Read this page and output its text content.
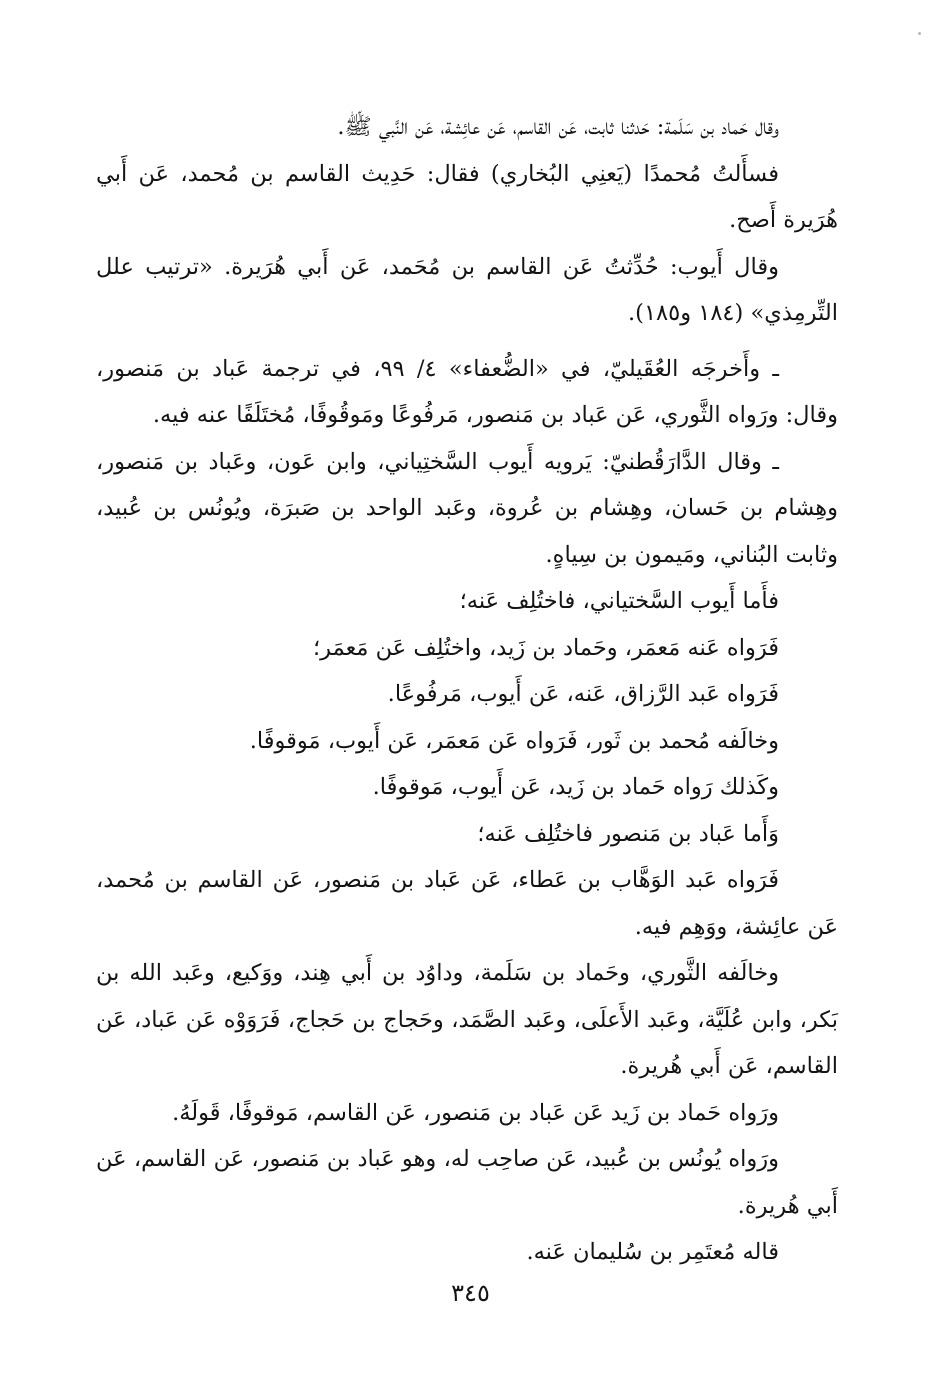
وقال حَماد بن سَلَمة: حَدثنا ثابت، عَن القاسم، عَن عائِشة، عَن النَّبي ﷺ.

فسأَلتُ مُحمدًا (يَعنِي البُخاري) فقال: حَدِيث القاسم بن مُحمد، عَن أَبي هُرَيرة أَصح.

وقال أَيوب: حُدِّثتُ عَن القاسم بن مُحَمد، عَن أَبي هُرَيرة. «ترتيب علل التِّرمِذي» (١٨٤ و١٨٥).

ـ وأَخرجَه العُقَيليّ، في «الضُّعفاء» ٤/ ٩٩، في ترجمة عَباد بن مَنصور، وقال: ورَواه الثَّوري، عَن عَباد بن مَنصور، مَرفُوعًا ومَوقُوفًا، مُختَلَفًا عنه فيه.

ـ وقال الدَّارَقُطنيّ: يَرويه أَيوب السَّختِياني، وابن عَون، وعَباد بن مَنصور، وهِشام بن حَسان، وهِشام بن عُروة، وعَبد الواحد بن صَبرَة، ويُونُس بن عُبيد، وثابت البُناني، ومَيمون بن سِياهٍ.

فأَما أَيوب السَّختياني، فاختُلِف عَنه؛

فَرَواه عَنه مَعمَر، وحَماد بن زَيد، واختُلِف عَن مَعمَر؛

فَرَواه عَبد الرَّزاق، عَنه، عَن أَيوب، مَرفُوعًا.

وخالَفه مُحمد بن ثَور، فَرَواه عَن مَعمَر، عَن أَيوب، مَوقوفًا.

وكَذلك رَواه حَماد بن زَيد، عَن أَيوب، مَوقوفًا.

وَأَما عَباد بن مَنصور فاختُلِف عَنه؛

فَرَواه عَبد الوَهَّاب بن عَطاء، عَن عَباد بن مَنصور، عَن القاسم بن مُحمد، عَن عائِشة، ووَهِم فيه.

وخالَفه الثَّوري، وحَماد بن سَلَمة، وداوُد بن أَبي هِند، ووَكيع، وعَبد الله بن بَكر، وابن عُلَيَّة، وعَبد الأَعلَى، وعَبد الصَّمَد، وحَجاج بن حَجاج، فَرَوَوْه عَن عَباد، عَن القاسم، عَن أَبي هُريرة.

ورَواه حَماد بن زَيد عَن عَباد بن مَنصور، عَن القاسم، مَوقوفًا، قَولَهُ.

ورَواه يُونُس بن عُبيد، عَن صاحِب له، وهو عَباد بن مَنصور، عَن القاسم، عَن أَبي هُريرة.

قاله مُعتَمِر بن سُليمان عَنه.

٣٤٥
